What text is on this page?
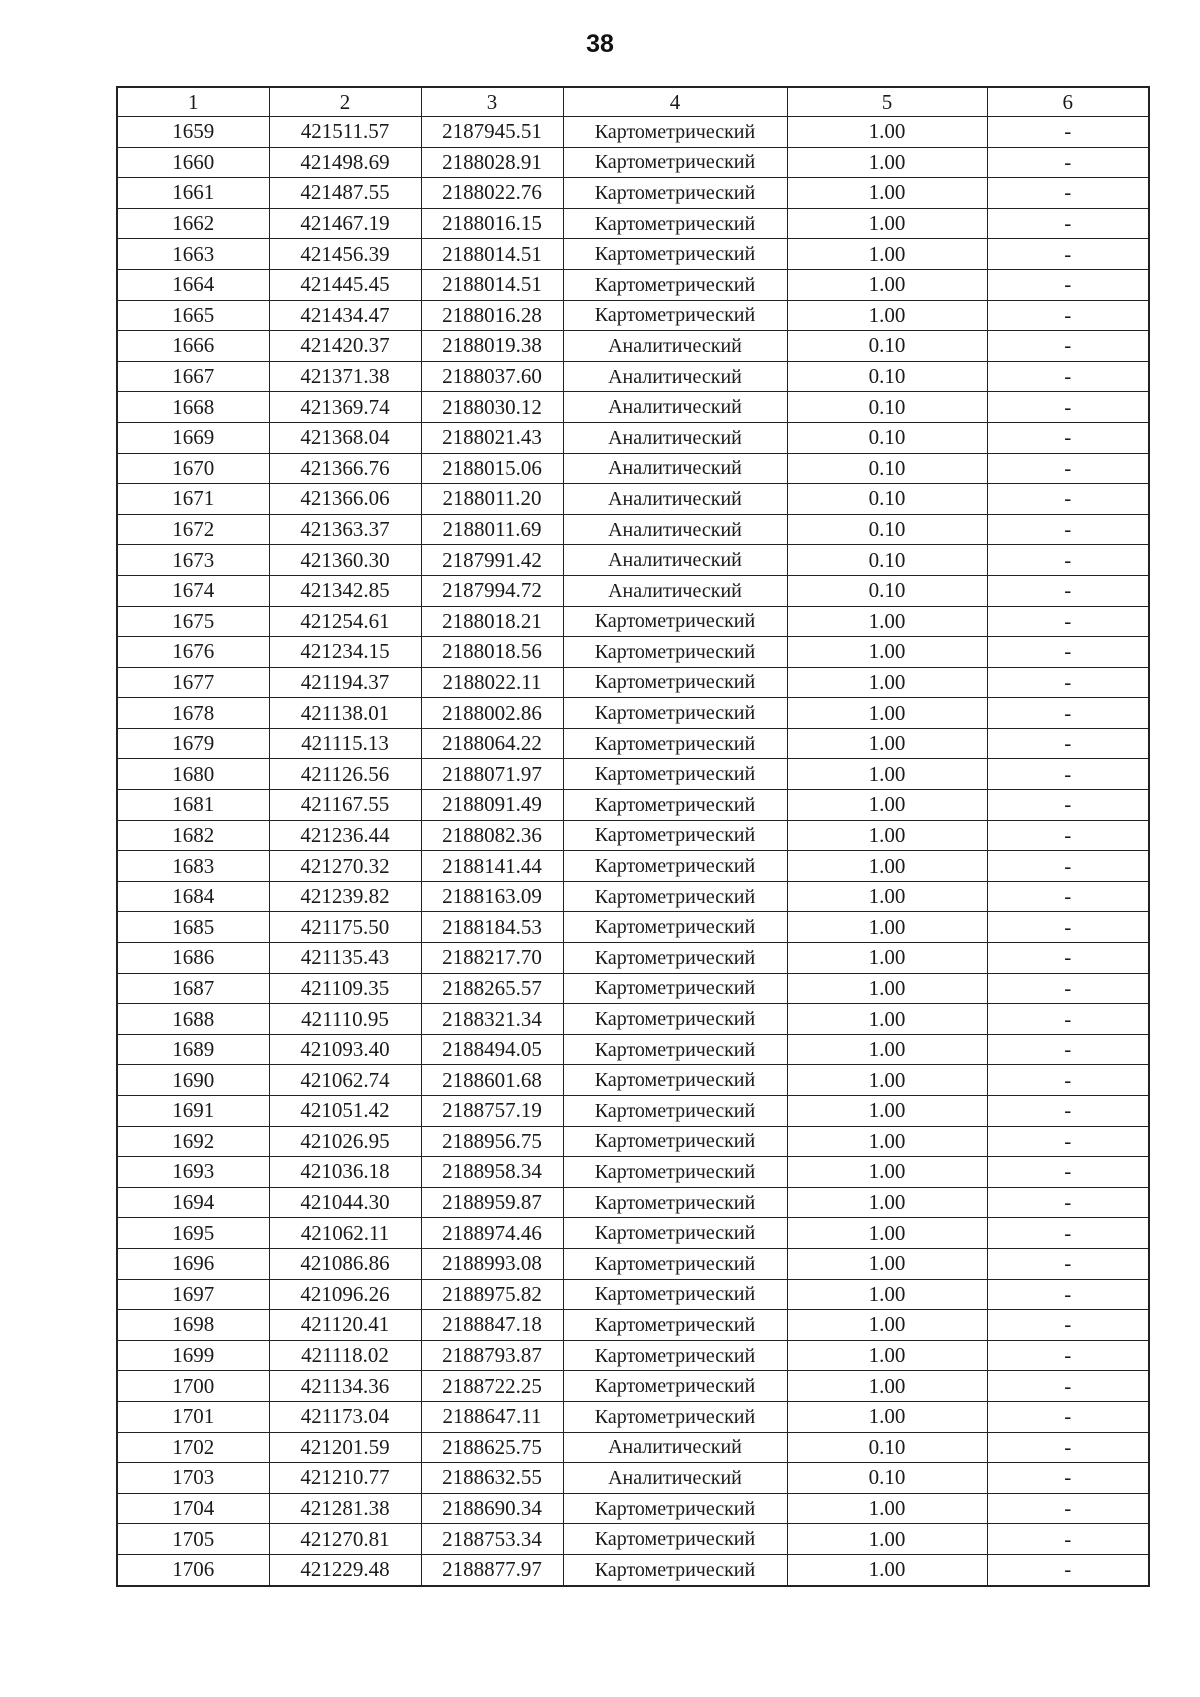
38
1	2	3	4	5	6
1659	421511.57	2187945.51	Картометрический	1.00	-
1660	421498.69	2188028.91	Картометрический	1.00	-
1661	421487.55	2188022.76	Картометрический	1.00	-
1662	421467.19	2188016.15	Картометрический	1.00	-
1663	421456.39	2188014.51	Картометрический	1.00	-
1664	421445.45	2188014.51	Картометрический	1.00	-
1665	421434.47	2188016.28	Картометрический	1.00	-
1666	421420.37	2188019.38	Аналитический	0.10	-
1667	421371.38	2188037.60	Аналитический	0.10	-
1668	421369.74	2188030.12	Аналитический	0.10	-
1669	421368.04	2188021.43	Аналитический	0.10	-
1670	421366.76	2188015.06	Аналитический	0.10	-
1671	421366.06	2188011.20	Аналитический	0.10	-
1672	421363.37	2188011.69	Аналитический	0.10	-
1673	421360.30	2187991.42	Аналитический	0.10	-
1674	421342.85	2187994.72	Аналитический	0.10	-
1675	421254.61	2188018.21	Картометрический	1.00	-
1676	421234.15	2188018.56	Картометрический	1.00	-
1677	421194.37	2188022.11	Картометрический	1.00	-
1678	421138.01	2188002.86	Картометрический	1.00	-
1679	421115.13	2188064.22	Картометрический	1.00	-
1680	421126.56	2188071.97	Картометрический	1.00	-
1681	421167.55	2188091.49	Картометрический	1.00	-
1682	421236.44	2188082.36	Картометрический	1.00	-
1683	421270.32	2188141.44	Картометрический	1.00	-
1684	421239.82	2188163.09	Картометрический	1.00	-
1685	421175.50	2188184.53	Картометрический	1.00	-
1686	421135.43	2188217.70	Картометрический	1.00	-
1687	421109.35	2188265.57	Картометрический	1.00	-
1688	421110.95	2188321.34	Картометрический	1.00	-
1689	421093.40	2188494.05	Картометрический	1.00	-
1690	421062.74	2188601.68	Картометрический	1.00	-
1691	421051.42	2188757.19	Картометрический	1.00	-
1692	421026.95	2188956.75	Картометрический	1.00	-
1693	421036.18	2188958.34	Картометрический	1.00	-
1694	421044.30	2188959.87	Картометрический	1.00	-
1695	421062.11	2188974.46	Картометрический	1.00	-
1696	421086.86	2188993.08	Картометрический	1.00	-
1697	421096.26	2188975.82	Картометрический	1.00	-
1698	421120.41	2188847.18	Картометрический	1.00	-
1699	421118.02	2188793.87	Картометрический	1.00	-
1700	421134.36	2188722.25	Картометрический	1.00	-
1701	421173.04	2188647.11	Картометрический	1.00	-
1702	421201.59	2188625.75	Аналитический	0.10	-
1703	421210.77	2188632.55	Аналитический	0.10	-
1704	421281.38	2188690.34	Картометрический	1.00	-
1705	421270.81	2188753.34	Картометрический	1.00	-
1706	421229.48	2188877.97	Картометрический	1.00	-
